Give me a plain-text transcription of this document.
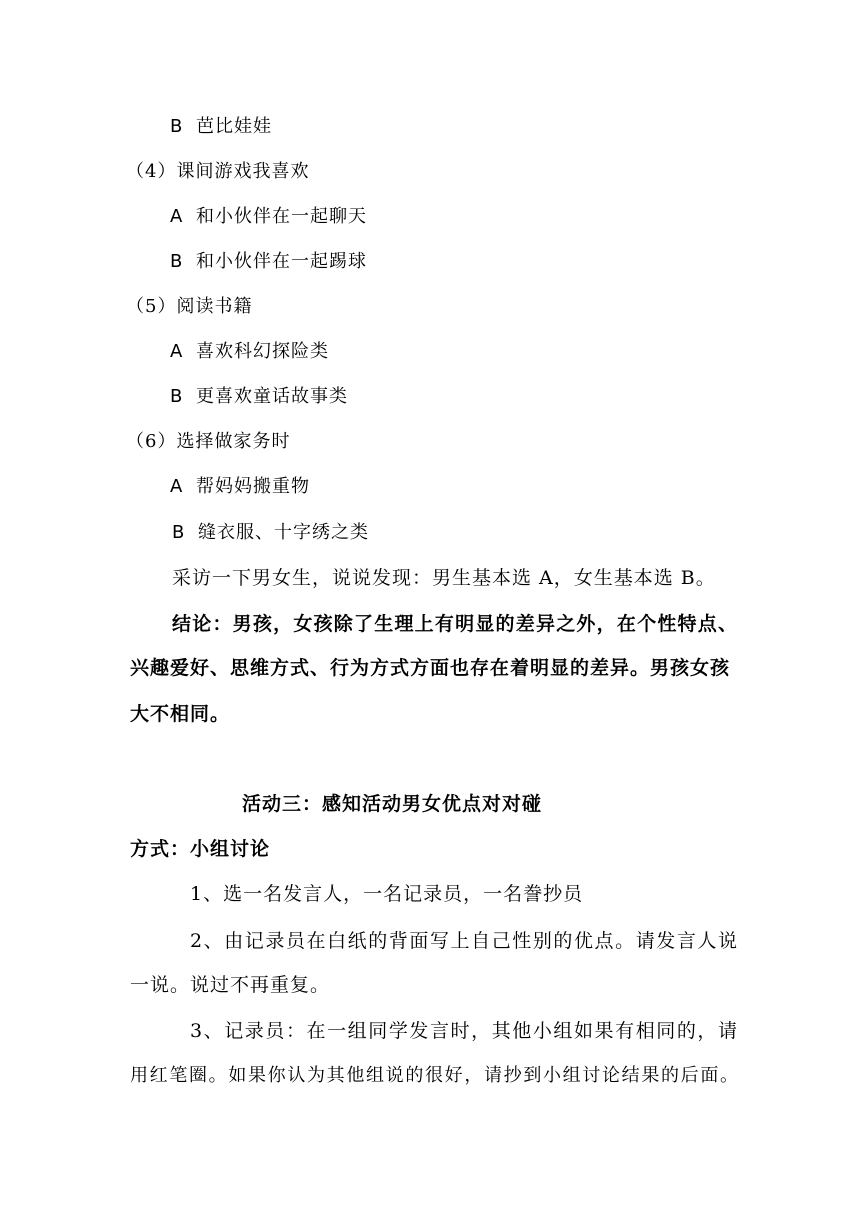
B 芭比娃娃
（4）课间游戏我喜欢
A 和小伙伴在一起聊天
B 和小伙伴在一起踢球
（5）阅读书籍
A 喜欢科幻探险类
B 更喜欢童话故事类
（6）选择做家务时
A 帮妈妈搬重物
B 缝衣服、十字绣之类
采访一下男女生，说说发现：男生基本选 A，女生基本选 B。
结论：男孩，女孩除了生理上有明显的差异之外，在个性特点、
兴趣爱好、思维方式、行为方式方面也存在着明显的差异。男孩女孩
大不相同。
活动三：感知活动男女优点对对碰
方式：小组讨论
1、选一名发言人，一名记录员，一名誊抄员
2、由记录员在白纸的背面写上自己性别的优点。请发言人说
一说。说过不再重复。
3、记录员：在一组同学发言时，其他小组如果有相同的，请
用红笔圈。如果你认为其他组说的很好，请抄到小组讨论结果的后面。
